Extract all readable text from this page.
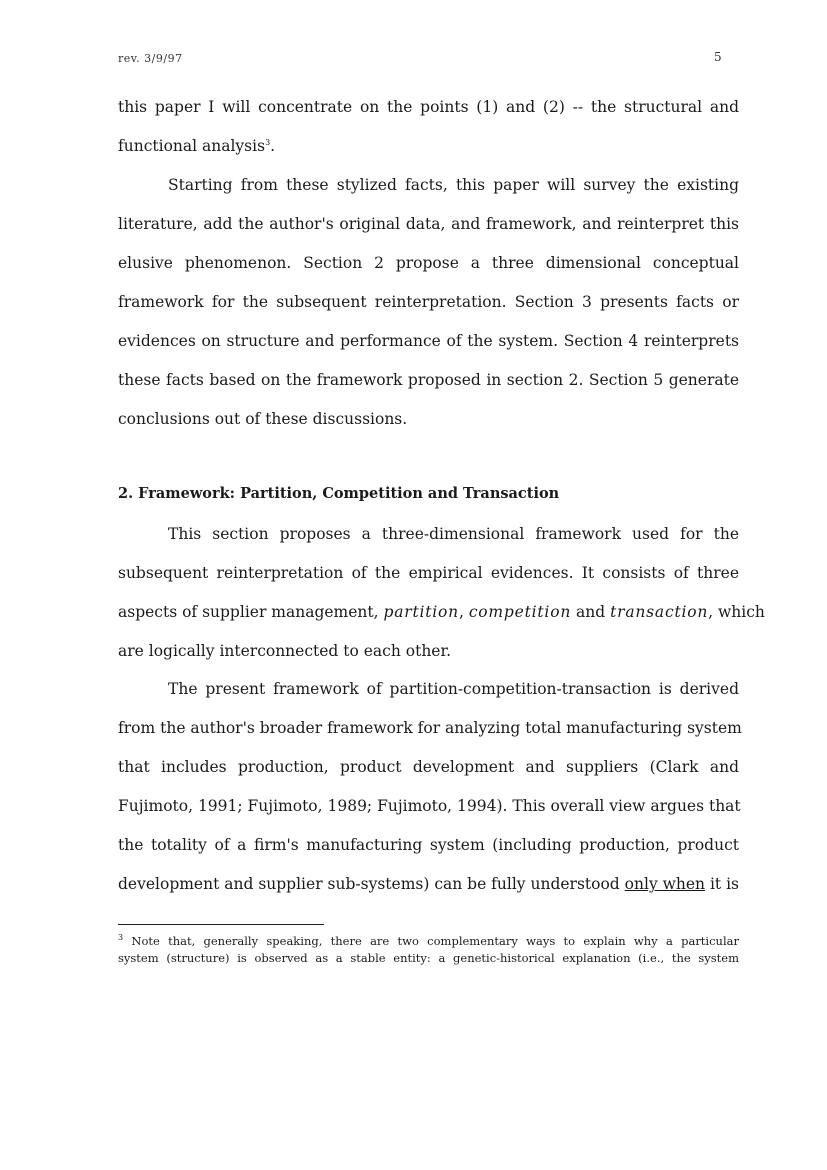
rev. 3/9/97	5
this paper I will concentrate on the points (1) and (2) -- the structural and
functional analysis$^3$.
Starting from these stylized facts, this paper will survey the existing
literature, add the author's original data, and framework, and reinterpret this
elusive phenomenon. Section 2 propose a three dimensional conceptual
framework for the subsequent reinterpretation. Section 3 presents facts or
evidences on structure and performance of the system. Section 4 reinterprets
these facts based on the framework proposed in section 2. Section 5 generate
conclusions out of these discussions.
2. Framework: Partition, Competition and Transaction
This section proposes a three-dimensional framework used for the
subsequent reinterpretation of the empirical evidences. It consists of three
aspects of supplier management, partition, competition and transaction, which
are logically interconnected to each other.
The present framework of partition-competition-transaction is derived
from the author's broader framework for analyzing total manufacturing system
that includes production, product development and suppliers (Clark and
Fujimoto, 1991; Fujimoto, 1989; Fujimoto, 1994). This overall view argues that
the totality of a firm's manufacturing system (including production, product
development and supplier sub-systems) can be fully understood only when it is
$^3$ Note that, generally speaking, there are two complementary ways to explain why a particular
system (structure) is observed as a stable entity: a genetic-historical explanation (i.e., the system
